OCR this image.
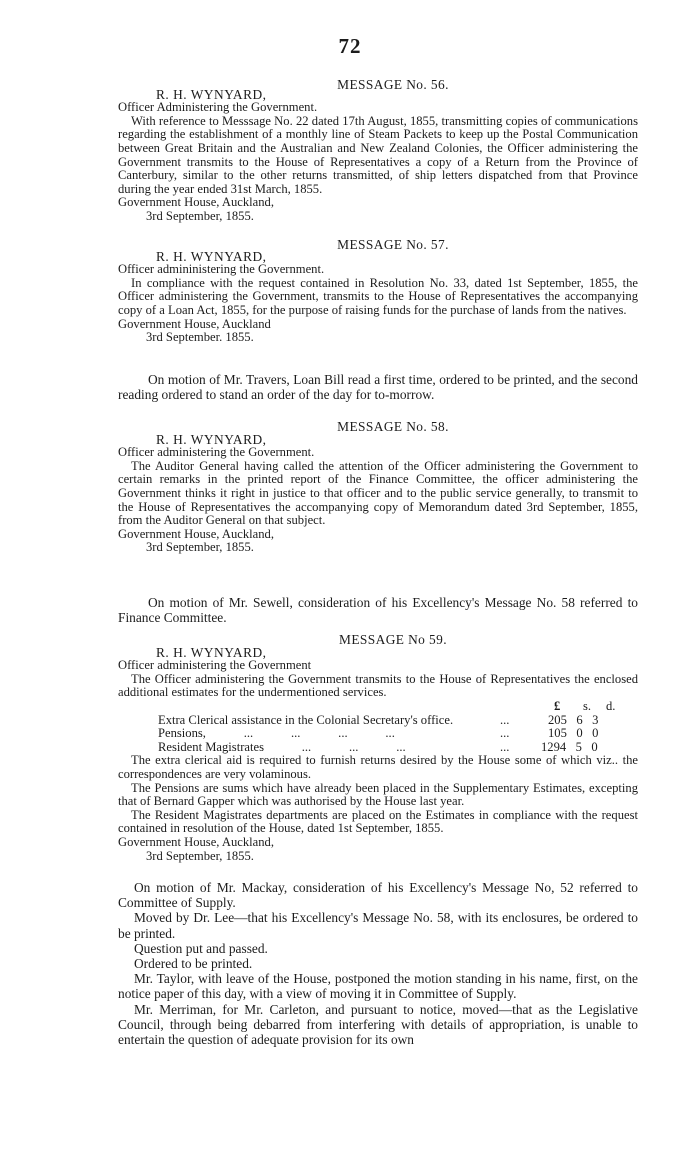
72

MESSAGE No. 56.

R. H. WYNYARD,

Officer Administering the Government.

With reference to Messsage No. 22 dated 17th August, 1855, transmitting copies of communications regarding the establishment of a monthly line of Steam Packets to keep up the Postal Communication between Great Britain and the Australian and New Zealand Colonies, the Officer administering the Government transmits to the House of Representatives a copy of a Return from the Province of Canterbury, similar to the other returns transmitted, of ship letters dispatched from that Province during the year ended 31st March, 1855.

Government House, Auckland,

3rd September, 1855.

MESSAGE No. 57.

R. H. WYNYARD,

Officer admininistering the Government.

In compliance with the request contained in Resolution No. 33, dated 1st September, 1855, the Officer administering the Government, transmits to the House of Representatives the accompanying copy of a Loan Act, 1855, for the purpose of raising funds for the purchase of lands from the natives.

Government House, Auckland

3rd September. 1855.

On motion of Mr. Travers, Loan Bill read a first time, ordered to be printed, and the second reading ordered to stand an order of the day for to-morrow.

MESSAGE No. 58.

R. H. WYNYARD,

Officer administering the Government.

The Auditor General having called the attention of the Officer administering the Government to certain remarks in the printed report of the Finance Committee, the officer administering the Government thinks it right in justice to that officer and to the public service generally, to transmit to the House of Representatives the accompanying copy of Memorandum dated 3rd September, 1855, from the Auditor General on that subject.

Government House, Auckland,

3rd September, 1855.

On motion of Mr. Sewell, consideration of his Excellency's Message No. 58 referred to Finance Committee.

MESSAGE No 59.

R. H. WYNYARD,

Officer administering the Government

The Officer administering the Government transmits to the House of Representatives the enclosed additional estimates for the undermentioned services.

£ s. d.

Extra Clerical assistance in the Colonial Secretary's office.	...	205   6   3

Pensions,            ...            ...            ...            ...	...	105   0   0

Resident Magistrates            ...            ...            ...	...	1294   5   0

The extra clerical aid is required to furnish returns desired by the House some of which viz.. the correspondences are very volaminous.

The Pensions are sums which have already been placed in the Supplementary Estimates, excepting that of Bernard Gapper which was authorised by the House last year.

The Resident Magistrates departments are placed on the Estimates in compliance with the request contained in resolution of the House, dated 1st September, 1855.

Government House, Auckland,

3rd September, 1855.

On motion of Mr. Mackay, consideration of his Excellency's Message No, 52 referred to Committee of Supply.

Moved by Dr. Lee—that his Excellency's Message No. 58, with its enclosures, be ordered to be printed.

Question put and passed.

Ordered to be printed.

Mr. Taylor, with leave of the House, postponed the motion standing in his name, first, on the notice paper of this day, with a view of moving it in Committee of Supply.

Mr. Merriman, for Mr. Carleton, and pursuant to notice, moved—that as the Legislative Council, through being debarred from interfering with details of appropriation, is unable to entertain the question of adequate provision for its own
